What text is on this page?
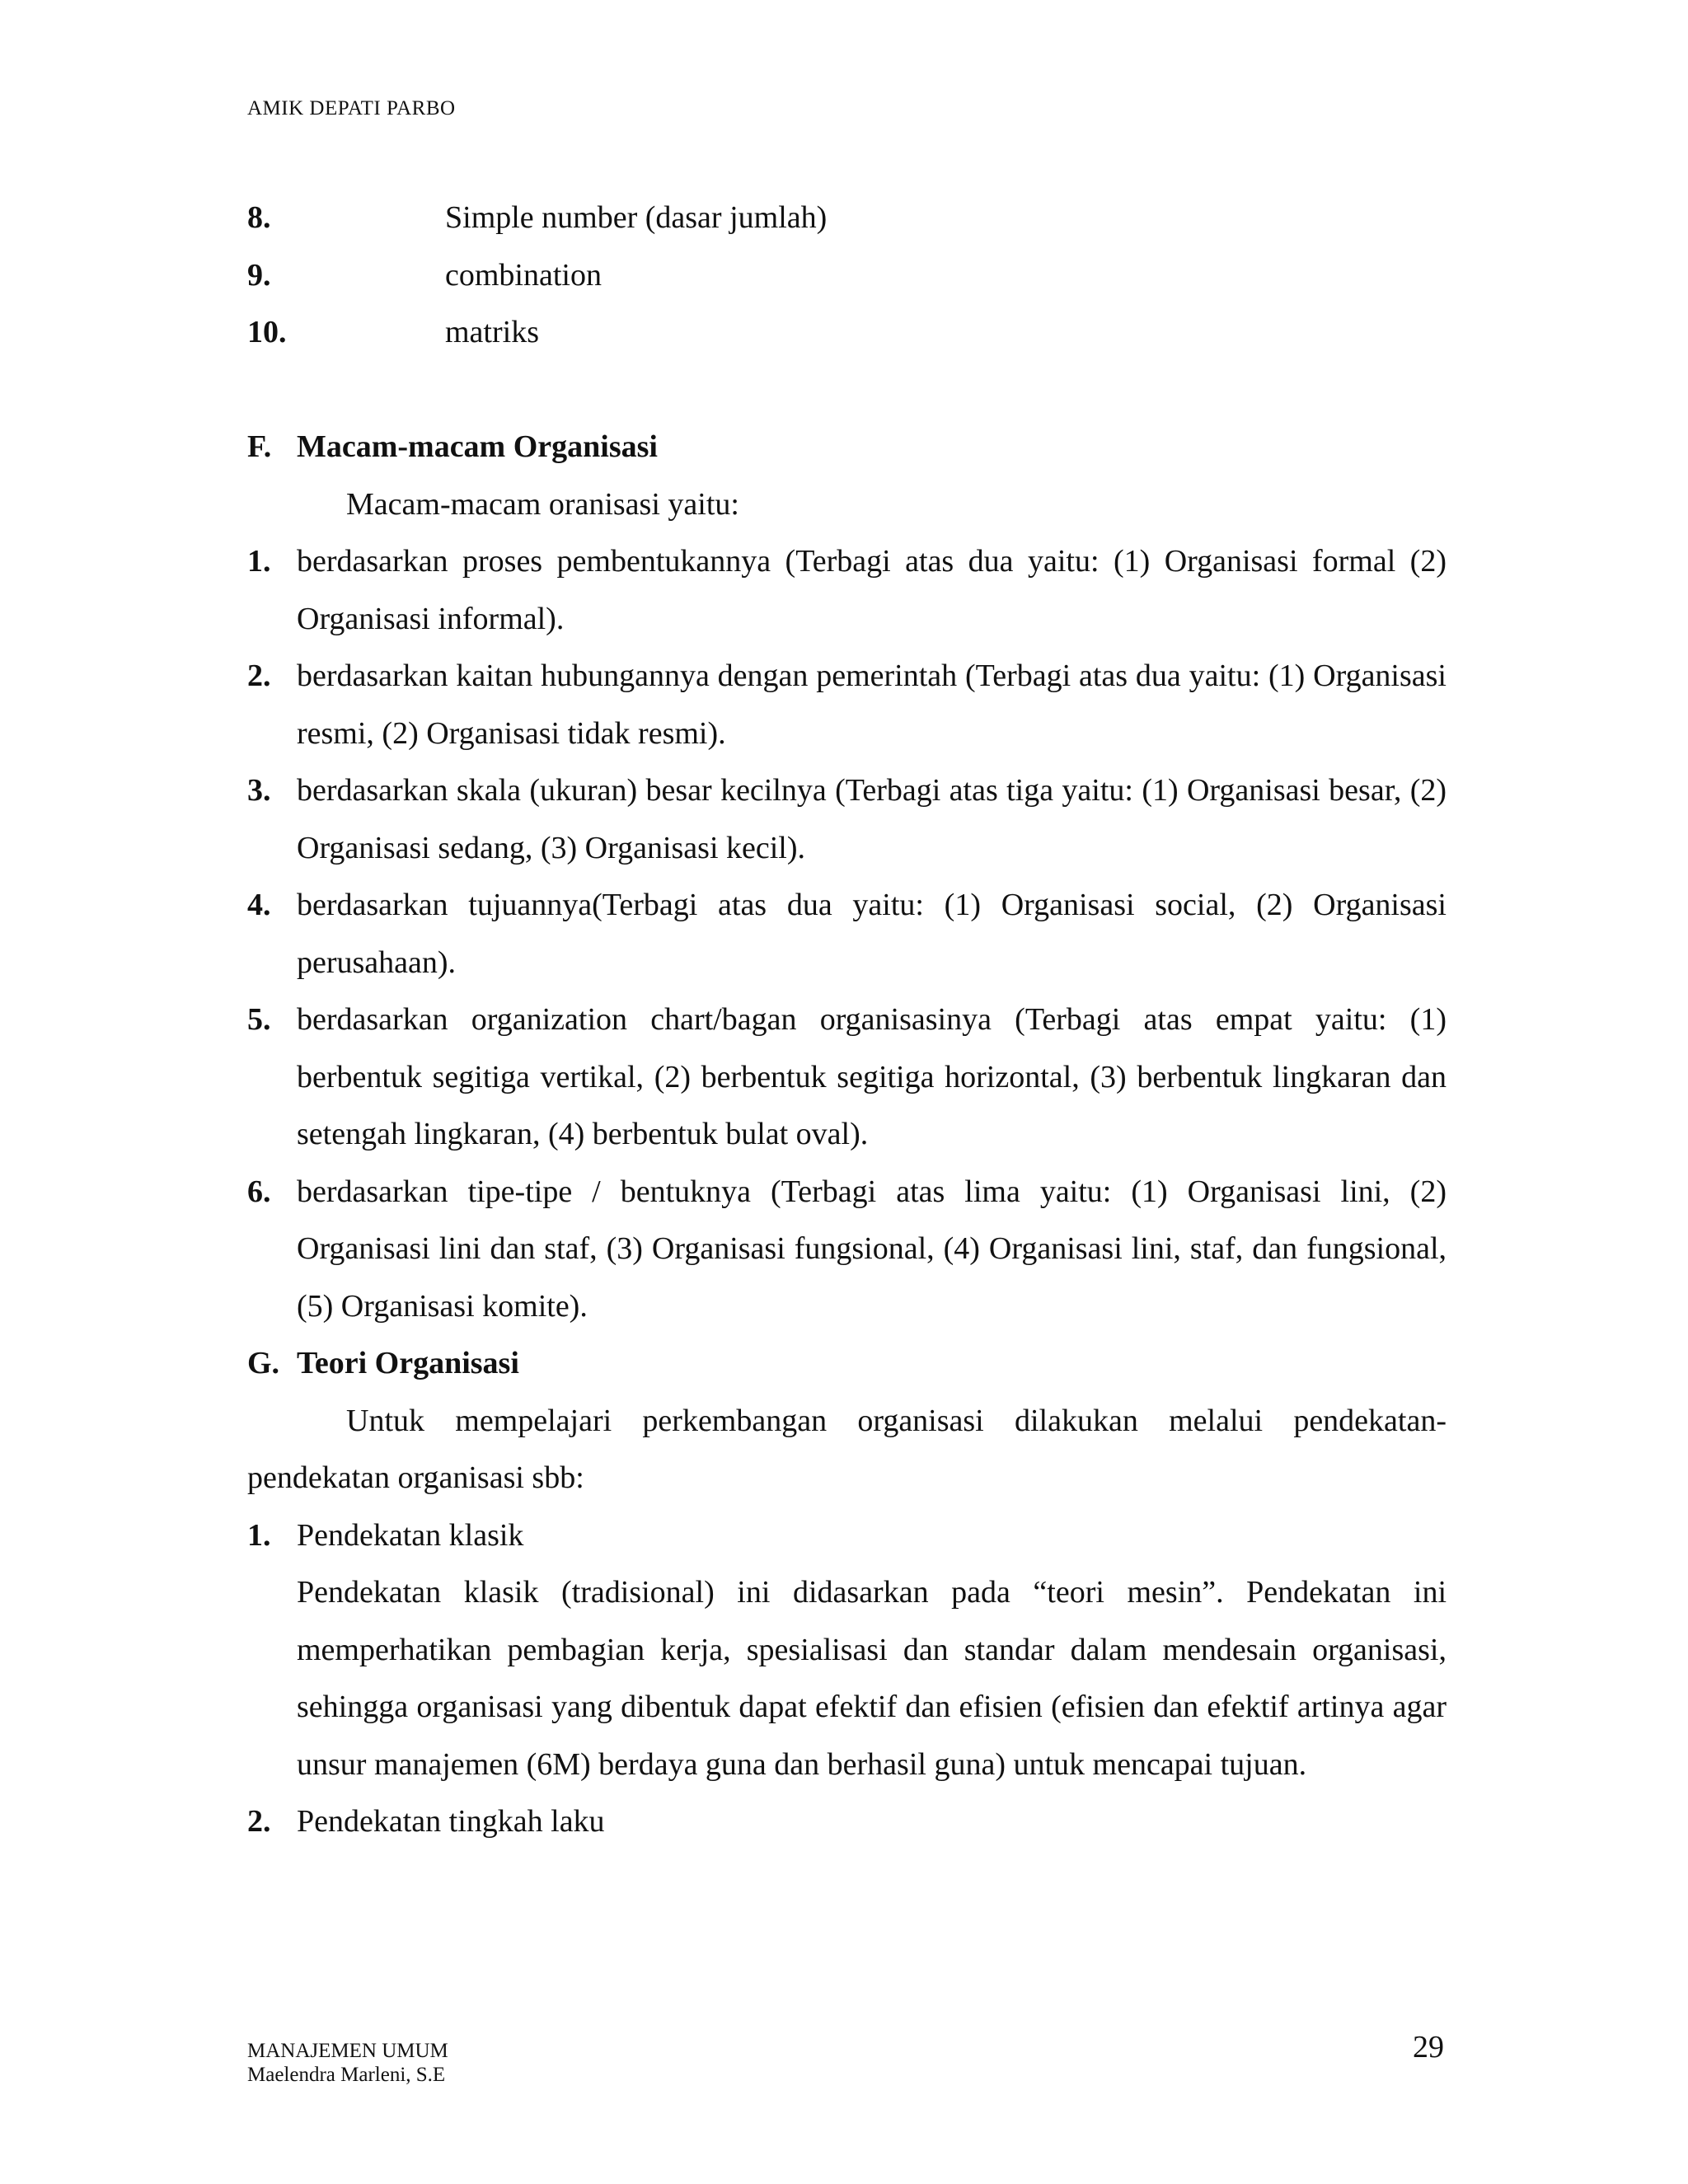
AMIK DEPATI PARBO
8.	Simple number (dasar jumlah)
9.	combination
10.	matriks
F. Macam-macam Organisasi
Macam-macam oranisasi yaitu:
1. berdasarkan proses pembentukannya (Terbagi atas dua yaitu: (1) Organisasi formal (2) Organisasi informal).
2. berdasarkan kaitan hubungannya dengan pemerintah (Terbagi atas dua yaitu: (1) Organisasi resmi, (2) Organisasi tidak resmi).
3. berdasarkan skala (ukuran) besar kecilnya (Terbagi atas tiga yaitu: (1) Organisasi besar, (2) Organisasi sedang, (3) Organisasi kecil).
4. berdasarkan tujuannya(Terbagi atas dua yaitu: (1) Organisasi social, (2) Organisasi perusahaan).
5. berdasarkan organization chart/bagan organisasinya (Terbagi atas empat yaitu: (1) berbentuk segitiga vertikal, (2) berbentuk segitiga horizontal, (3) berbentuk lingkaran dan setengah lingkaran, (4) berbentuk bulat oval).
6. berdasarkan tipe-tipe / bentuknya (Terbagi atas lima yaitu: (1) Organisasi lini, (2) Organisasi lini dan staf, (3) Organisasi fungsional, (4) Organisasi lini, staf, dan fungsional, (5) Organisasi komite).
G. Teori Organisasi
Untuk mempelajari perkembangan organisasi dilakukan melalui pendekatan-pendekatan organisasi sbb:
1. Pendekatan klasik
Pendekatan klasik (tradisional) ini didasarkan pada “teori mesin”. Pendekatan ini memperhatikan pembagian kerja, spesialisasi dan standar dalam mendesain organisasi, sehingga organisasi yang dibentuk dapat efektif dan efisien (efisien dan efektif artinya agar unsur manajemen (6M) berdaya guna dan berhasil guna) untuk mencapai tujuan.
2. Pendekatan tingkah laku
MANAJEMEN UMUM
Maelendra Marleni, S.E
29
